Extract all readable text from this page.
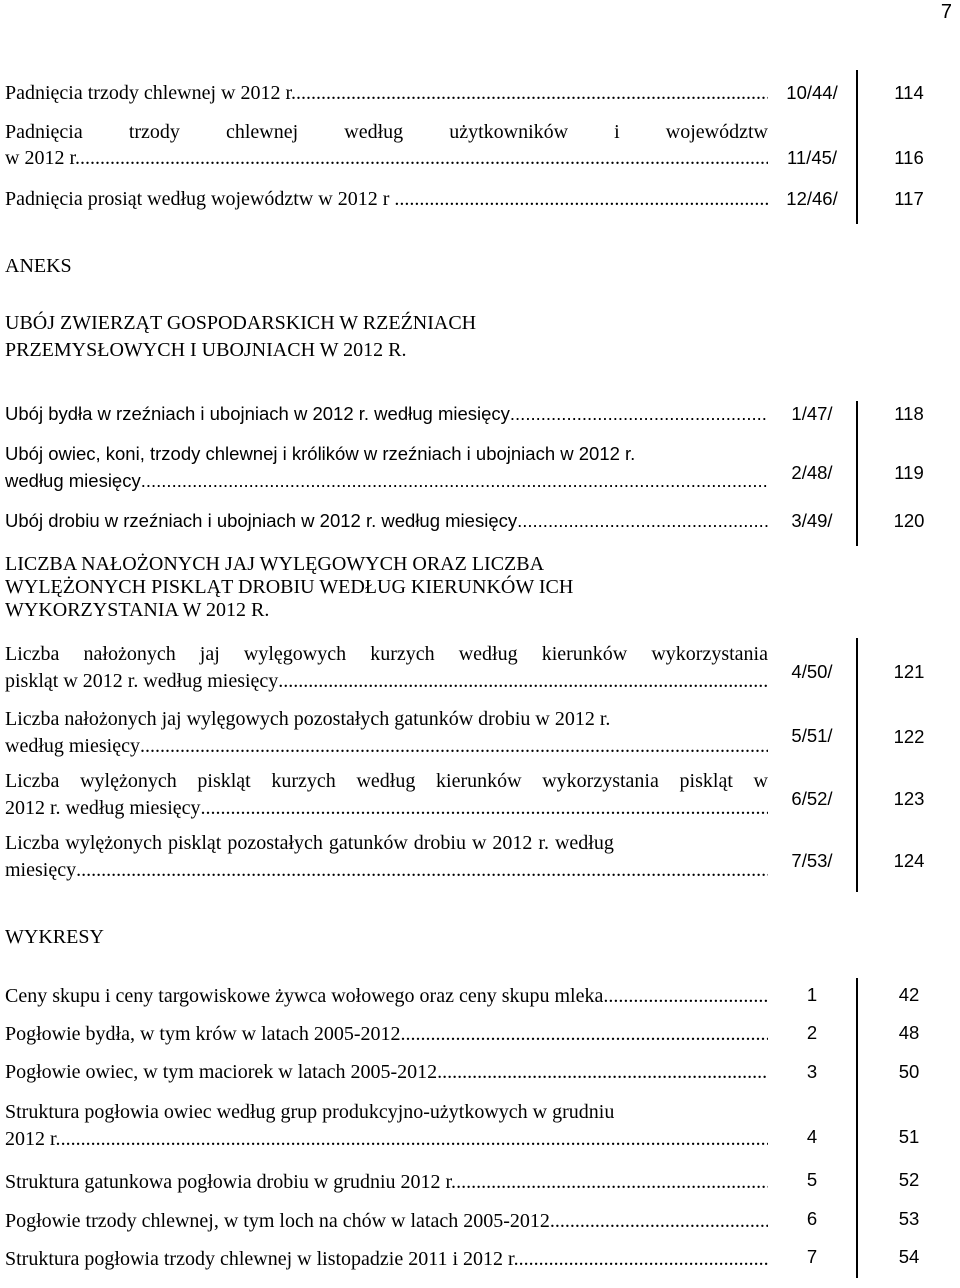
7
Padnięcia trzody chlewnej w 2012 r. .....	10/44/	114
Padnięcia trzody chlewnej według użytkowników i województw
w 2012 r. .....	11/45/	116
Padnięcia prosiąt według województw w 2012 r . .....	12/46/	117
ANEKS
UBÓJ ZWIERZĄT GOSPODARSKICH W RZEŹNIACH
PRZEMYSŁOWYCH I UBOJNIACH W 2012 R.
Ubój bydła w rzeźniach i ubojniach w 2012 r. według miesięcy .....	1/47/	118
Ubój owiec, koni, trzody chlewnej i królików w rzeźniach i ubojniach w 2012 r.
według miesięcy .....	2/48/	119
Ubój drobiu w rzeźniach i ubojniach w 2012 r. według miesięcy .....	3/49/	120
LICZBA NAŁOŻONYCH JAJ WYLĘGOWYCH ORAZ LICZBA
WYLĘŻONYCH PISKLĄT DROBIU WEDŁUG KIERUNKÓW ICH
WYKORZYSTANIA W 2012 R.
Liczba nałożonych jaj wylęgowych kurzych według kierunków wykorzystania
piskląt w 2012 r. według miesięcy .....	4/50/	121
Liczba nałożonych jaj wylęgowych pozostałych gatunków drobiu w 2012 r.
według miesięcy .....	5/51/	122
Liczba wylężonych piskląt kurzych według kierunków wykorzystania piskląt w
2012 r. według miesięcy .....	6/52/	123
Liczba wylężonych piskląt pozostałych gatunków drobiu w 2012 r. według
miesięcy .....	7/53/	124
WYKRESY
Ceny skupu i ceny targowiskowe żywca wołowego oraz ceny skupu mleka .....	1	42
Pogłowie bydła, w tym krów w latach 2005-2012 .....	2	48
Pogłowie owiec, w tym maciorek w latach 2005-2012 .....	3	50
Struktura pogłowia owiec według grup produkcyjno-użytkowych w grudniu
2012 r. .....	4	51
Struktura gatunkowa pogłowia drobiu w grudniu 2012 r. .....	5	52
Pogłowie trzody chlewnej, w tym loch na chów w latach 2005-2012 .....	6	53
Struktura pogłowia trzody chlewnej w listopadzie 2011 i 2012 r. .....	7	54
